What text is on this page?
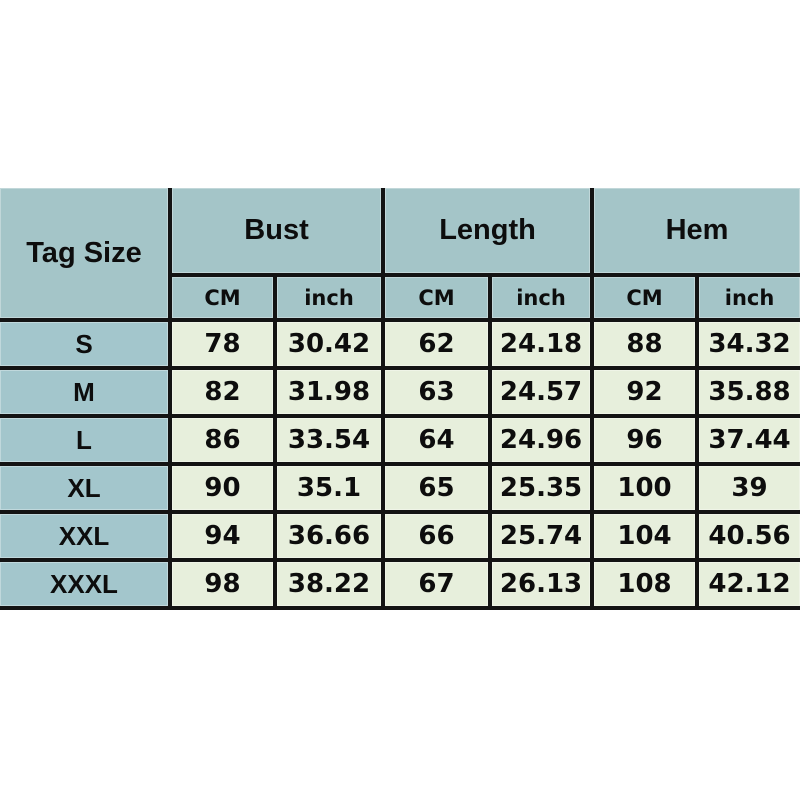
Tag Size	Bust		Length		Hem	
	CM	inch	CM	inch	CM	inch
S	78	30.42	62	24.18	88	34.32
M	82	31.98	63	24.57	92	35.88
L	86	33.54	64	24.96	96	37.44
XL	90	35.1	65	25.35	100	39
XXL	94	36.66	66	25.74	104	40.56
XXXL	98	38.22	67	26.13	108	42.12
